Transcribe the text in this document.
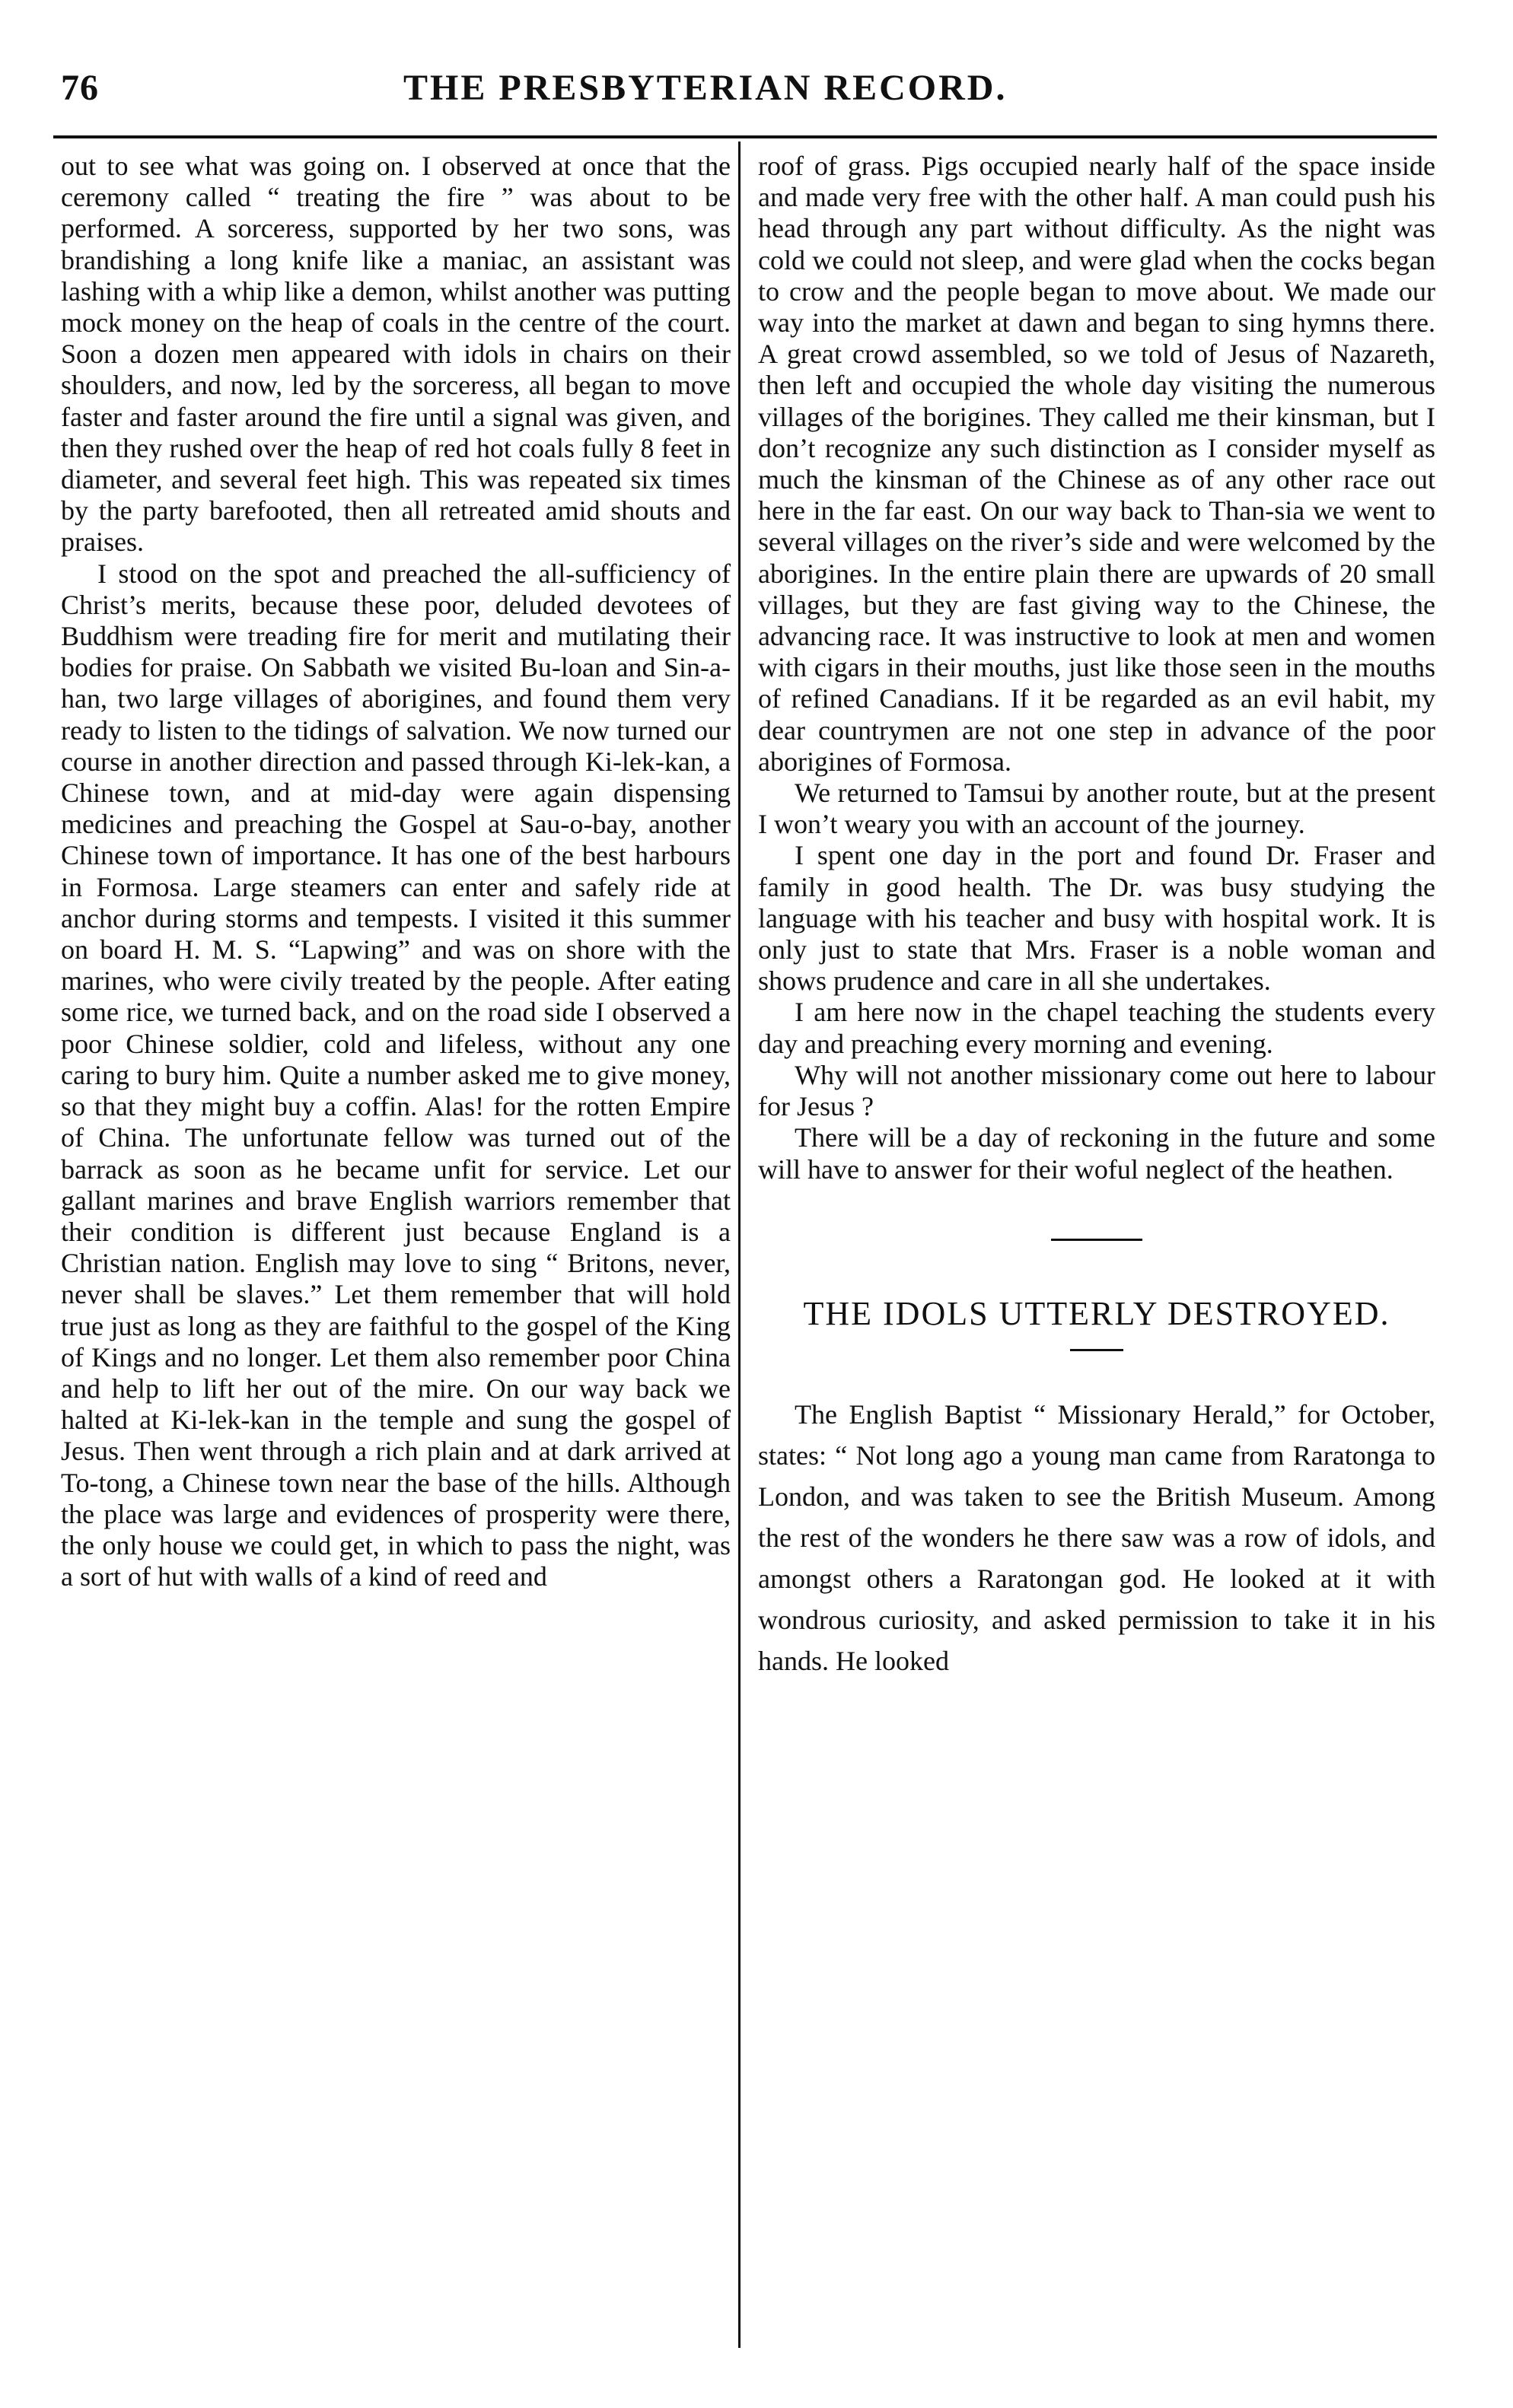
76	THE PRESBYTERIAN RECORD.

out to see what was going on. I observed at once that the ceremony called “ treating the fire ” was about to be performed. A sorceress, supported by her two sons, was brandishing a long knife like a maniac, an assistant was lashing with a whip like a demon, whilst another was putting mock money on the heap of coals in the centre of the court. Soon a dozen men appeared with idols in chairs on their shoulders, and now, led by the sorceress, all began to move faster and faster around the fire until a signal was given, and then they rushed over the heap of red hot coals fully 8 feet in diameter, and several feet high. This was repeated six times by the party barefooted, then all retreated amid shouts and praises.

I stood on the spot and preached the all-sufficiency of Christ’s merits, because these poor, deluded devotees of Buddhism were treading fire for merit and mutilating their bodies for praise. On Sabbath we visited Bu-loan and Sin-a-han, two large villages of aborigines, and found them very ready to listen to the tidings of salvation. We now turned our course in another direction and passed through Ki-lek-kan, a Chinese town, and at mid-day were again dispensing medicines and preaching the Gospel at Sau-o-bay, another Chinese town of importance. It has one of the best harbours in Formosa. Large steamers can enter and safely ride at anchor during storms and tempests. I visited it this summer on board H. M. S. “Lapwing” and was on shore with the marines, who were civily treated by the people. After eating some rice, we turned back, and on the road side I observed a poor Chinese soldier, cold and lifeless, without any one caring to bury him. Quite a number asked me to give money, so that they might buy a coffin. Alas! for the rotten Empire of China. The unfortunate fellow was turned out of the barrack as soon as he became unfit for service. Let our gallant marines and brave English warriors remember that their condition is different just because England is a Christian nation. English may love to sing “ Britons, never, never shall be slaves.” Let them remember that will hold true just as long as they are faithful to the gospel of the King of Kings and no longer. Let them also remember poor China and help to lift her out of the mire. On our way back we halted at Ki-lek-kan in the temple and sung the gospel of Jesus. Then went through a rich plain and at dark arrived at To-tong, a Chinese town near the base of the hills. Although the place was large and evidences of prosperity were there, the only house we could get, in which to pass the night, was a sort of hut with walls of a kind of reed and

roof of grass. Pigs occupied nearly half of the space inside and made very free with the other half. A man could push his head through any part without difficulty. As the night was cold we could not sleep, and were glad when the cocks began to crow and the people began to move about. We made our way into the market at dawn and began to sing hymns there. A great crowd assembled, so we told of Jesus of Nazareth, then left and occupied the whole day visiting the numerous villages of the borigines. They called me their kinsman, but I don’t recognize any such distinction as I consider myself as much the kinsman of the Chinese as of any other race out here in the far east. On our way back to Than-sia we went to several villages on the river’s side and were welcomed by the aborigines. In the entire plain there are upwards of 20 small villages, but they are fast giving way to the Chinese, the advancing race. It was instructive to look at men and women with cigars in their mouths, just like those seen in the mouths of refined Canadians. If it be regarded as an evil habit, my dear countrymen are not one step in advance of the poor aborigines of Formosa.

We returned to Tamsui by another route, but at the present I won’t weary you with an account of the journey.

I spent one day in the port and found Dr. Fraser and family in good health. The Dr. was busy studying the language with his teacher and busy with hospital work. It is only just to state that Mrs. Fraser is a noble woman and shows prudence and care in all she undertakes.

I am here now in the chapel teaching the students every day and preaching every morning and evening.

Why will not another missionary come out here to labour for Jesus ?

There will be a day of reckoning in the future and some will have to answer for their woful neglect of the heathen.

THE IDOLS UTTERLY DESTROYED.

The English Baptist “ Missionary Herald,” for October, states: “ Not long ago a young man came from Raratonga to London, and was taken to see the British Museum. Among the rest of the wonders he there saw was a row of idols, and amongst others a Raratongan god. He looked at it with wondrous curiosity, and asked permission to take it in his hands. He looked
